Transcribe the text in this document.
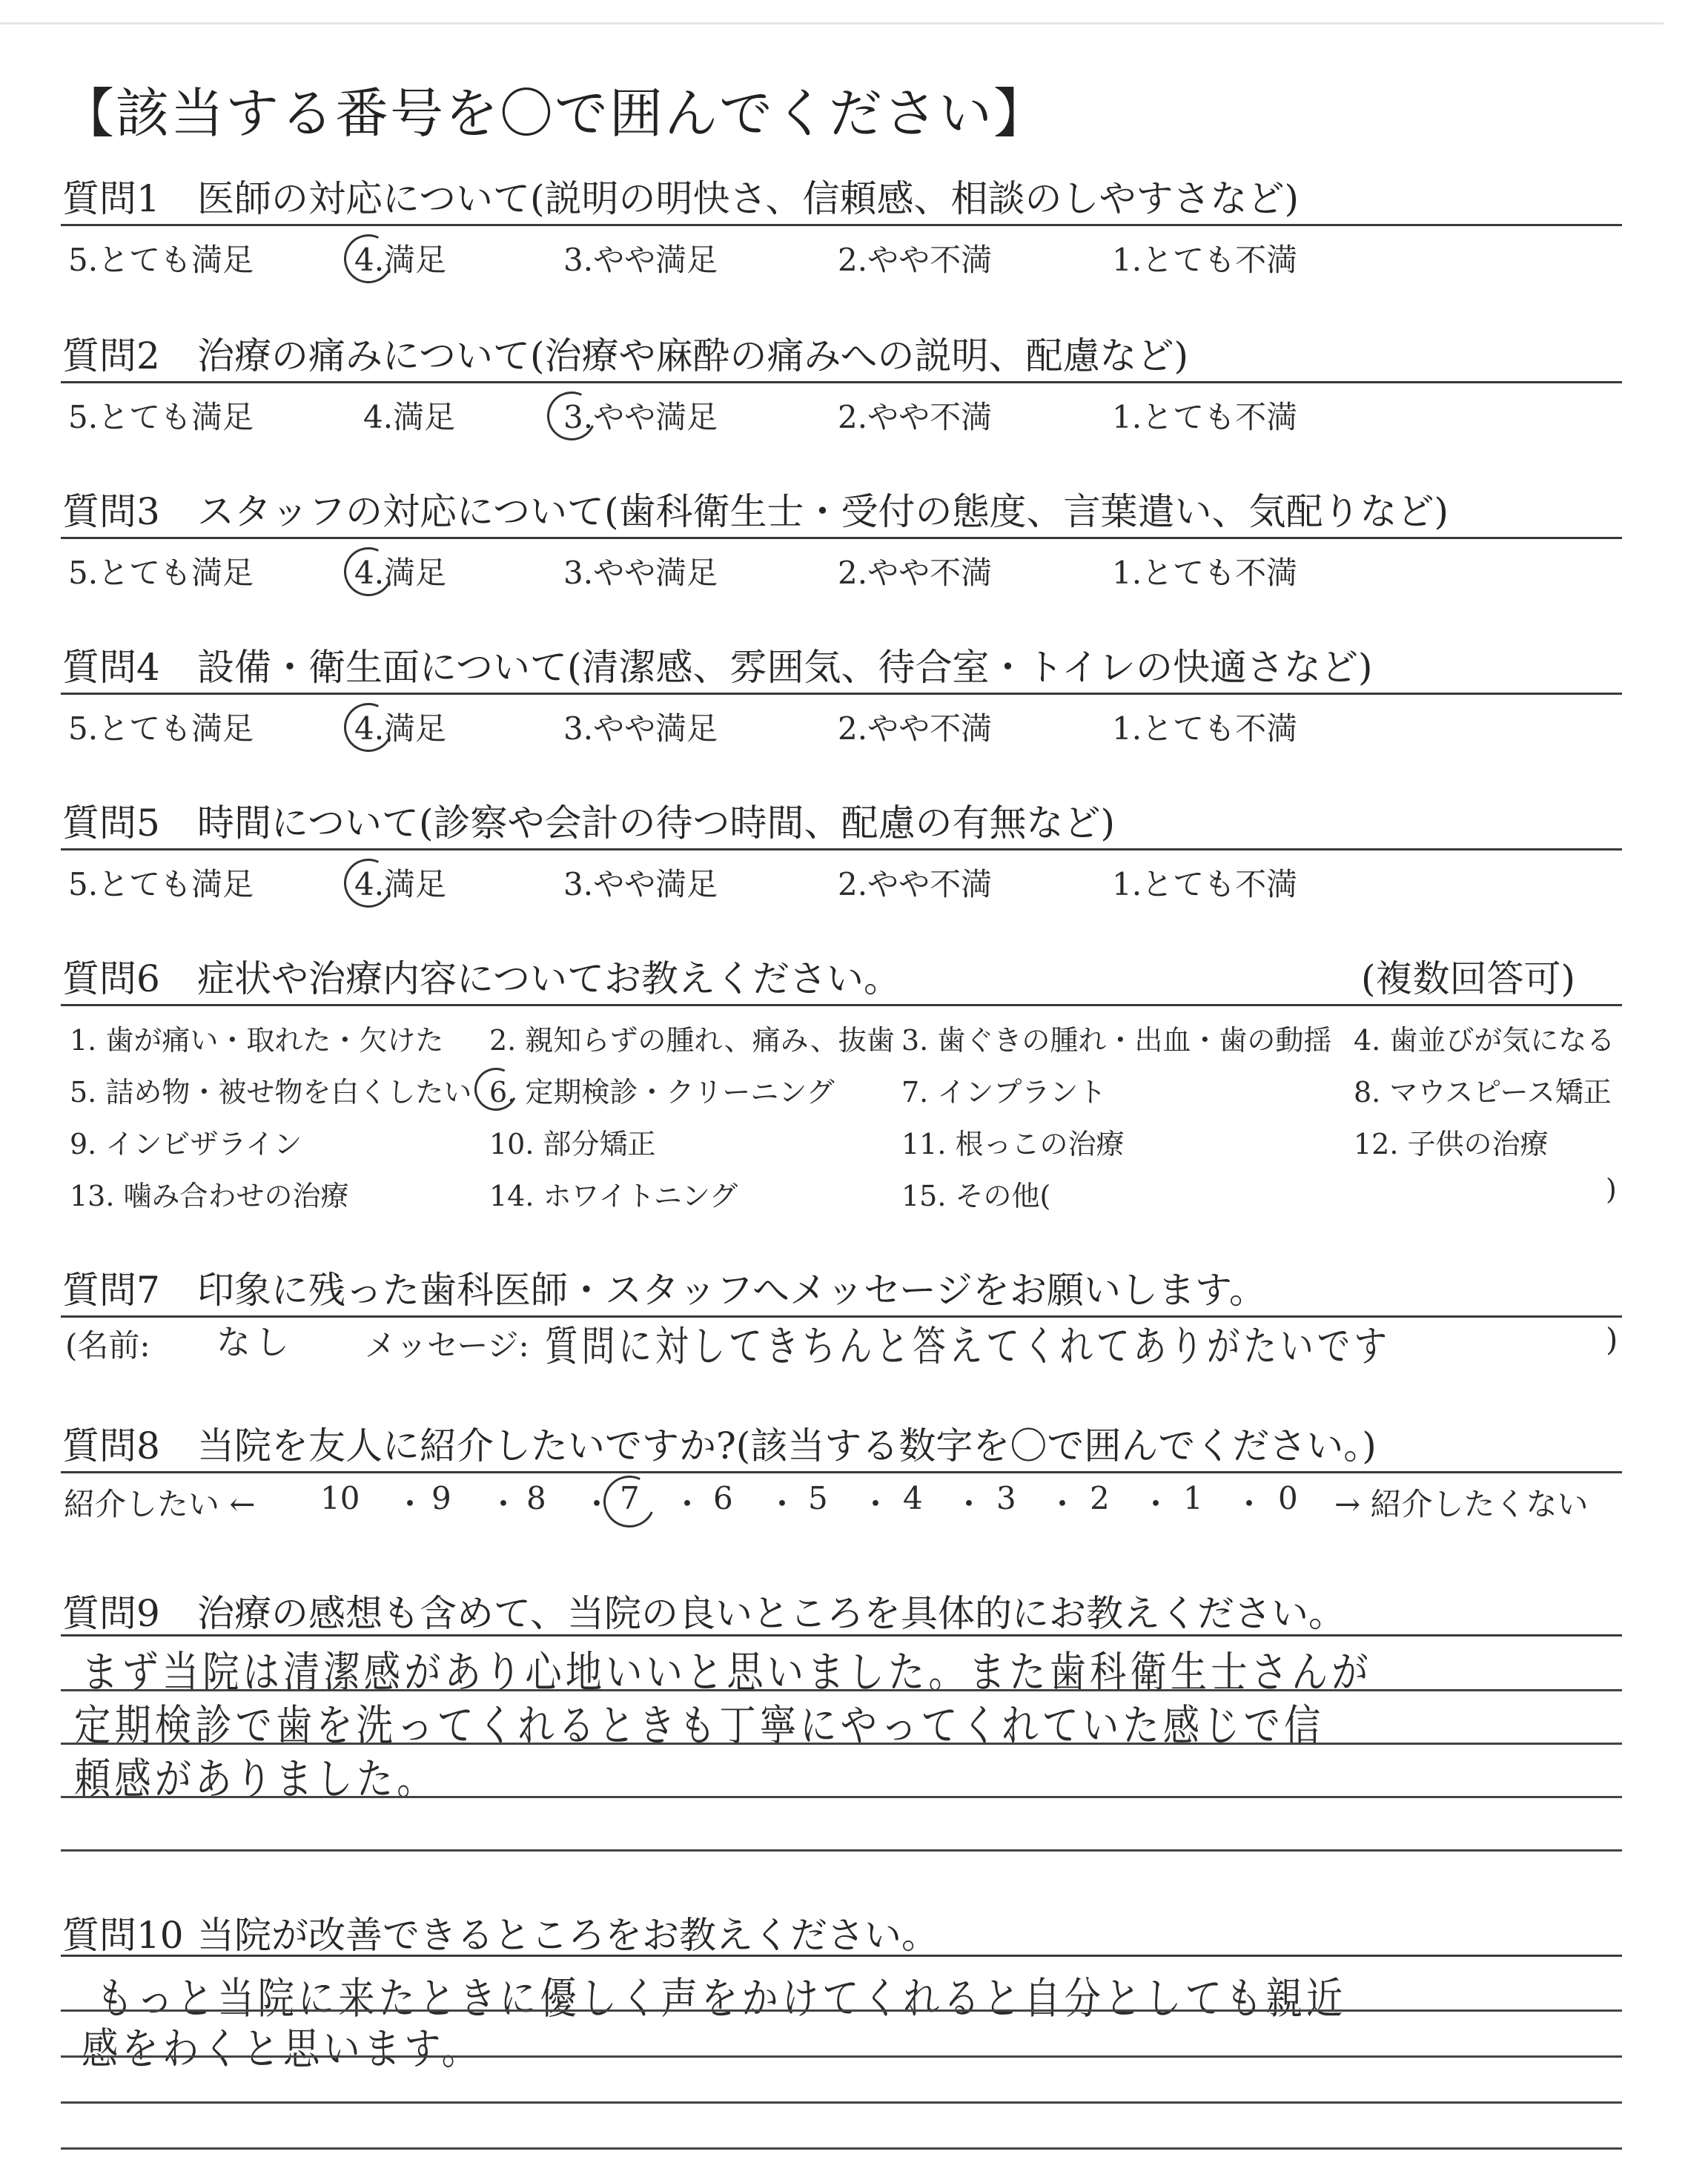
【該当する番号を〇で囲んでください】
質問1 医師の対応について(説明の明快さ、信頼感、相談のしやすさなど)
5.とても満足	4.満足	3.やや満足	2.やや不満	1.とても不満
質問2 治療の痛みについて(治療や麻酔の痛みへの説明、配慮など)
5.とても満足	4.満足	3.やや満足	2.やや不満	1.とても不満
質問3 スタッフの対応について(歯科衛生士・受付の態度、言葉遣い、気配りなど)
5.とても満足	4.満足	3.やや満足	2.やや不満	1.とても不満
質問4 設備・衛生面について(清潔感、雰囲気、待合室・トイレの快適さなど)
5.とても満足	4.満足	3.やや満足	2.やや不満	1.とても不満
質問5 時間について(診察や会計の待つ時間、配慮の有無など)
5.とても満足	4.満足	3.やや満足	2.やや不満	1.とても不満
質問6 症状や治療内容についてお教えください。	(複数回答可)
1. 歯が痛い・取れた・欠けた 2. 親知らずの腫れ、痛み、抜歯 3. 歯ぐきの腫れ・出血・歯の動揺 4. 歯並びが気になる
5. 詰め物・被せ物を白くしたい 6. 定期検診・クリーニング 7. インプラント	8. マウスピース矯正
9. インビザライン	10. 部分矯正	11. 根っこの治療	12. 子供の治療
13. 噛み合わせの治療	14. ホワイトニング	15. その他(	)
質問7 印象に残った歯科医師・スタッフへメッセージをお願いします。
(名前: なし メッセージ: 質問に対してきちんと答えてくれてありがたいです	)
質問8 当院を友人に紹介したいですか?(該当する数字を〇で囲んでください。)
紹介したい ← 10 ・ 9 ・ 8 ・ 7 ・ 6 ・ 5 ・ 4 ・ 3 ・ 2 ・ 1 ・ 0 → 紹介したくない
質問9 治療の感想も含めて、当院の良いところを具体的にお教えください。
まず当院は清潔感があり心地いいと思いました。また歯科衛生士さんが
定期検診で歯を洗ってくれるときも丁寧にやってくれていた感じで信
頼感がありました。
質問10 当院が改善できるところをお教えください。
もっと当院に来たときに優しく声をかけてくれると自分としても親近
感をわくと思います。
